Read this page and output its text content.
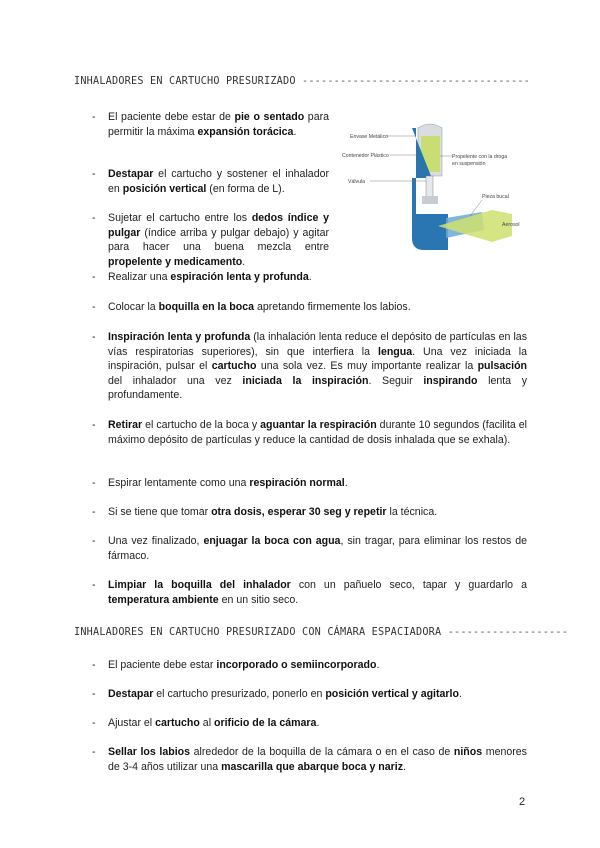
INHALADORES EN CARTUCHO PRESURIZADO ------------------------------------
- El paciente debe estar de pie o sentado para permitir la máxima expansión torácica.
- Destapar el cartucho y sostener el inhalador en posición vertical (en forma de L).
- Sujetar el cartucho entre los dedos índice y pulgar (índice arriba y pulgar debajo) y agitar para hacer una buena mezcla entre propelente y medicamento.
- Realizar una espiración lenta y profunda.
- Colocar la boquilla en la boca apretando firmemente los labios.
- Inspiración lenta y profunda (la inhalación lenta reduce el depósito de partículas en las vías respiratorias superiores), sin que interfiera la lengua. Una vez iniciada la inspiración, pulsar el cartucho una sola vez. Es muy importante realizar la pulsación del inhalador una vez iniciada la inspiración. Seguir inspirando lenta y profundamente.
- Retirar el cartucho de la boca y aguantar la respiración durante 10 segundos (facilita el máximo depósito de partículas y reduce la cantidad de dosis inhalada que se exhala).
- Espirar lentamente como una respiración normal.
- Si se tiene que tomar otra dosis, esperar 30 seg y repetir la técnica.
- Una vez finalizado, enjuagar la boca con agua, sin tragar, para eliminar los restos de fármaco.
- Limpiar la boquilla del inhalador con un pañuelo seco, tapar y guardarlo a temperatura ambiente en un sitio seco.
INHALADORES EN CARTUCHO PRESURIZADO CON CÁMARA ESPACIADORA -------------------
- El paciente debe estar incorporado o semiincorporado.
- Destapar el cartucho presurizado, ponerlo en posición vertical y agitarlo.
- Ajustar el cartucho al orificio de la cámara.
- Sellar los labios alrededor de la boquilla de la cámara o en el caso de niños menores de 3-4 años utilizar una mascarilla que abarque boca y nariz.
Envase Metálico
Contenedor Plástico
Válvula
Propelente con la droga
en suspensión
Pieza bucal
Aerosol
2
